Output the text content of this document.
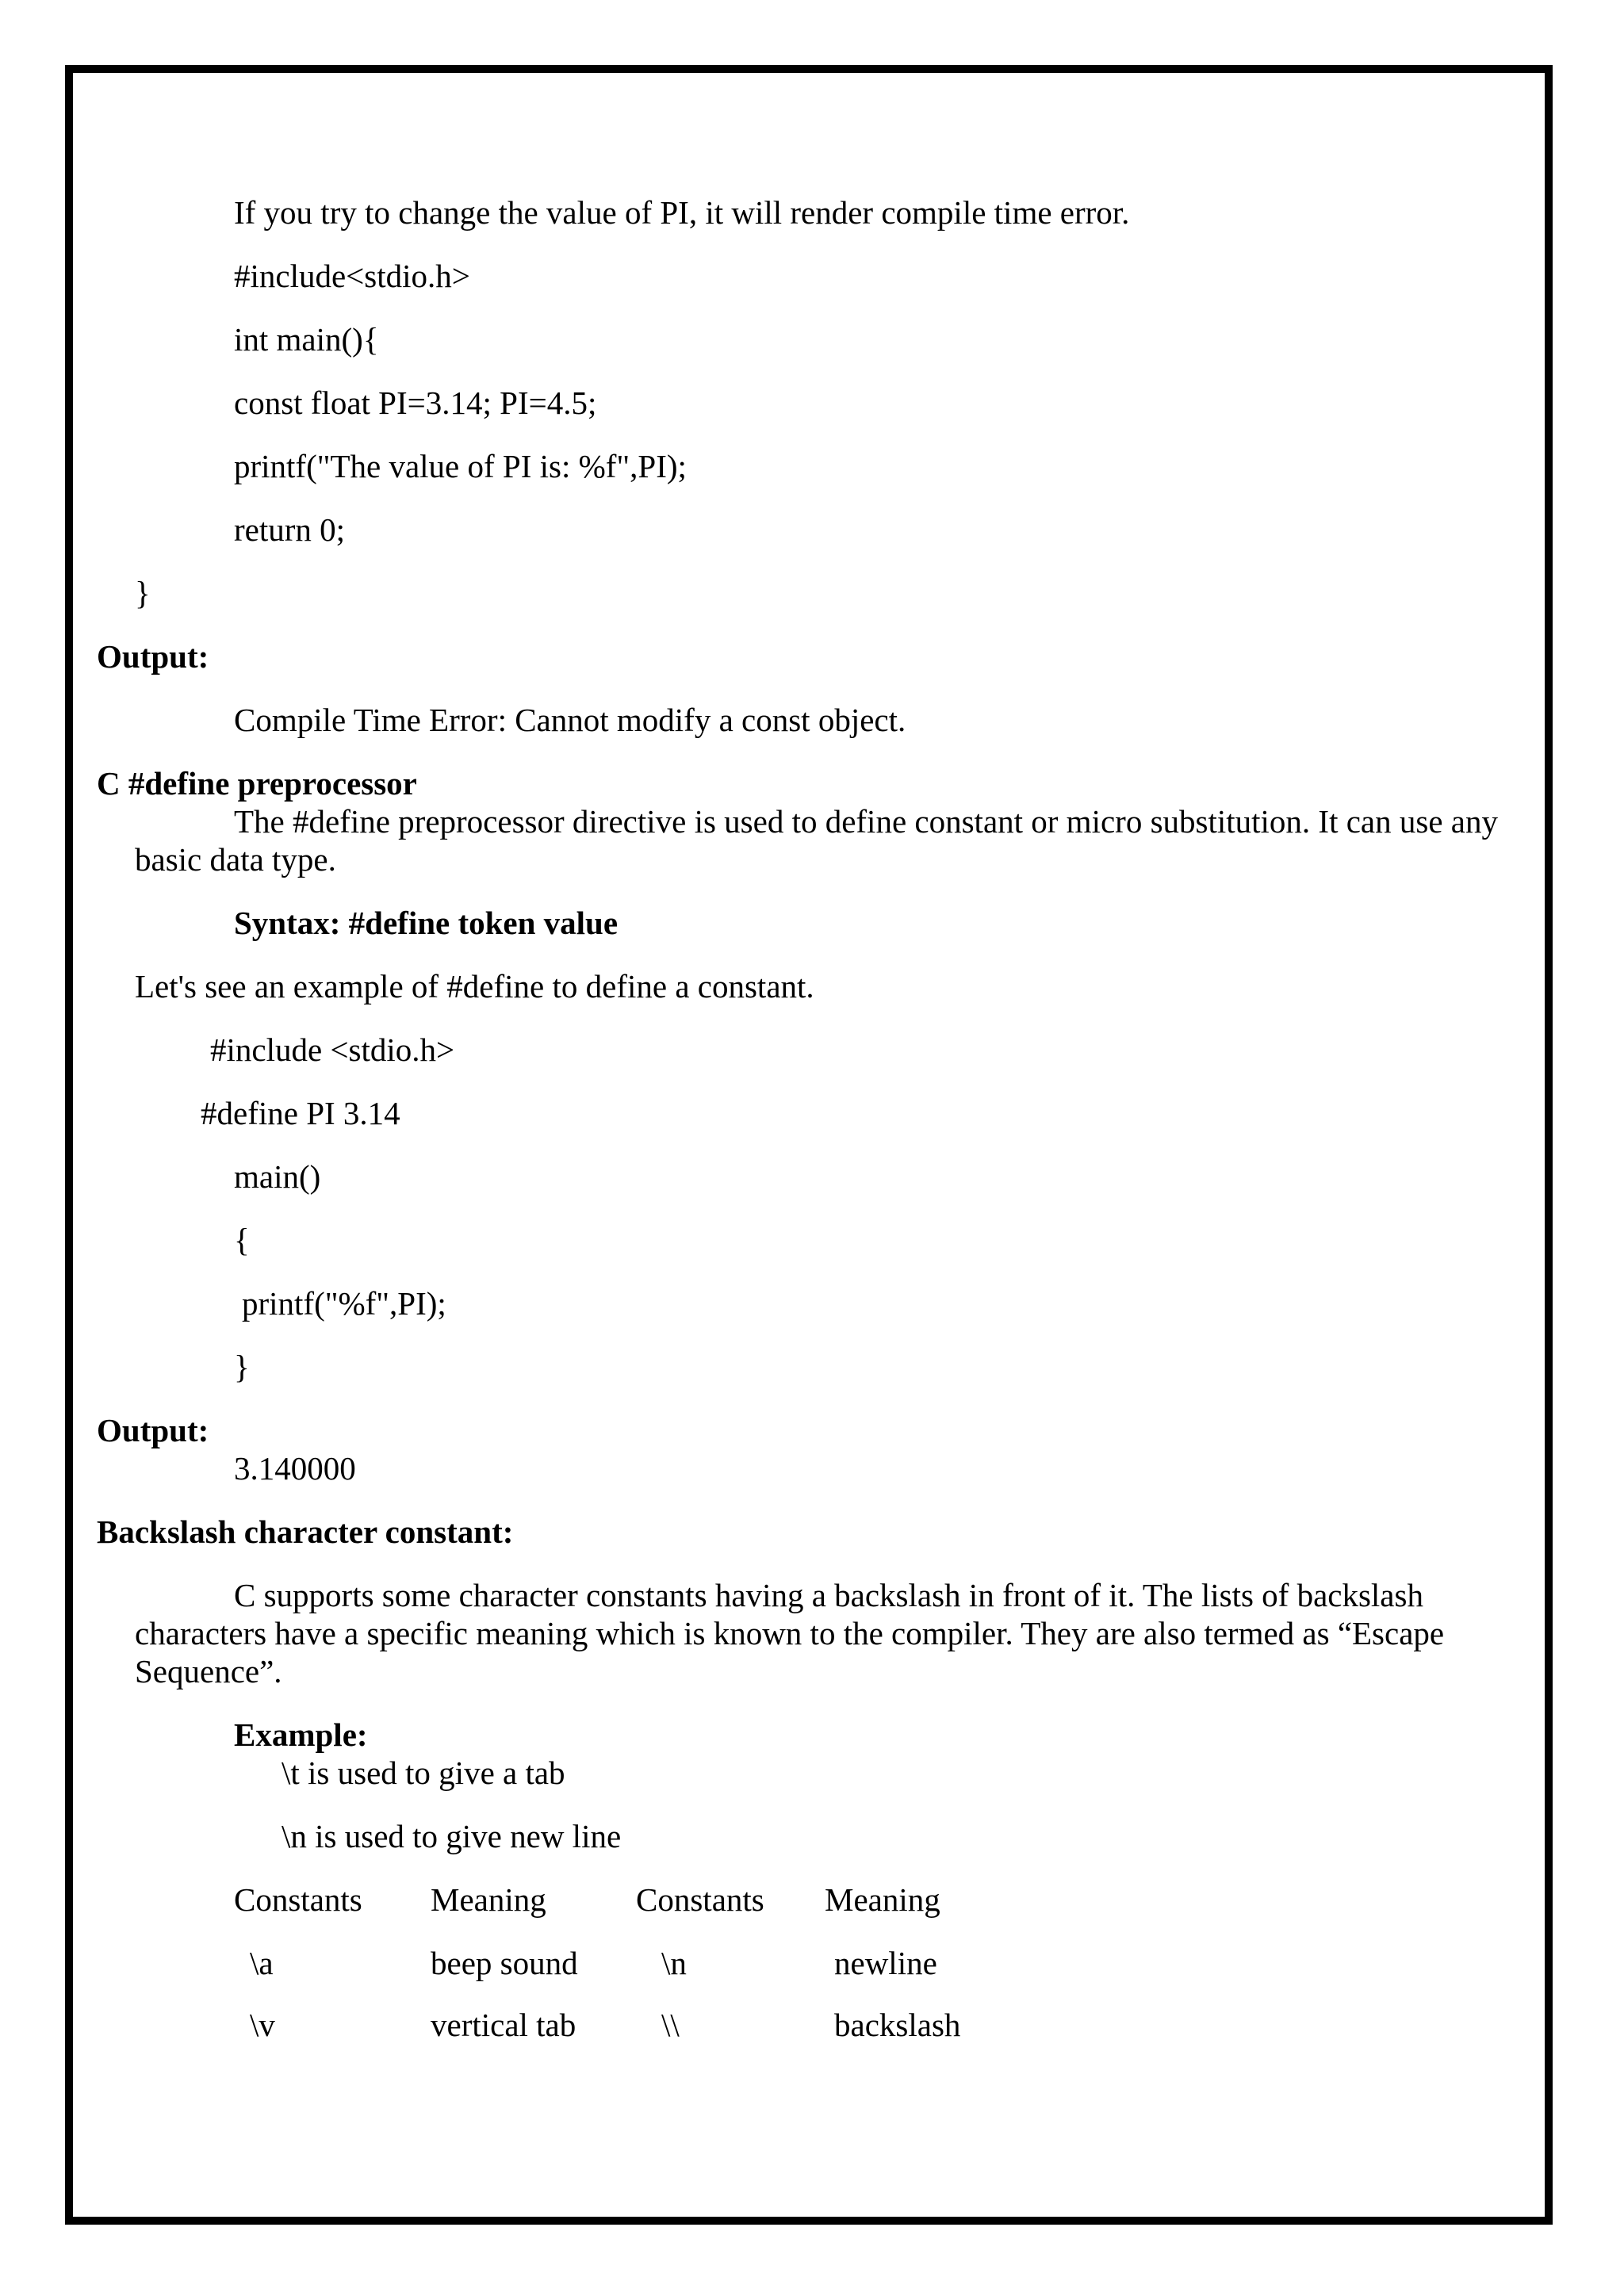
If you try to change the value of PI, it will render compile time error.

#include<stdio.h>

int main(){

const float PI=3.14; PI=4.5;

printf("The value of PI is: %f",PI);

return 0;

}

Output:

Compile Time Error: Cannot modify a const object.

C #define preprocessor

The #define preprocessor directive is used to define constant or micro substitution. It can use any

basic data type.

Syntax: #define token value

Let's see an example of #define to define a constant.

#include <stdio.h>

#define PI 3.14

main()

{

printf("%f",PI);

}

Output:

3.140000

Backslash character constant:

C supports some character constants having a backslash in front of it. The lists of backslash

characters have a specific meaning which is known to the compiler. They are also termed as “Escape

Sequence”.

Example:

\t is used to give a tab

\n is used to give new line

Constants Meaning	Constants Meaning
\a	beep sound	\n	newline
\v	vertical tab	\\	backslash
